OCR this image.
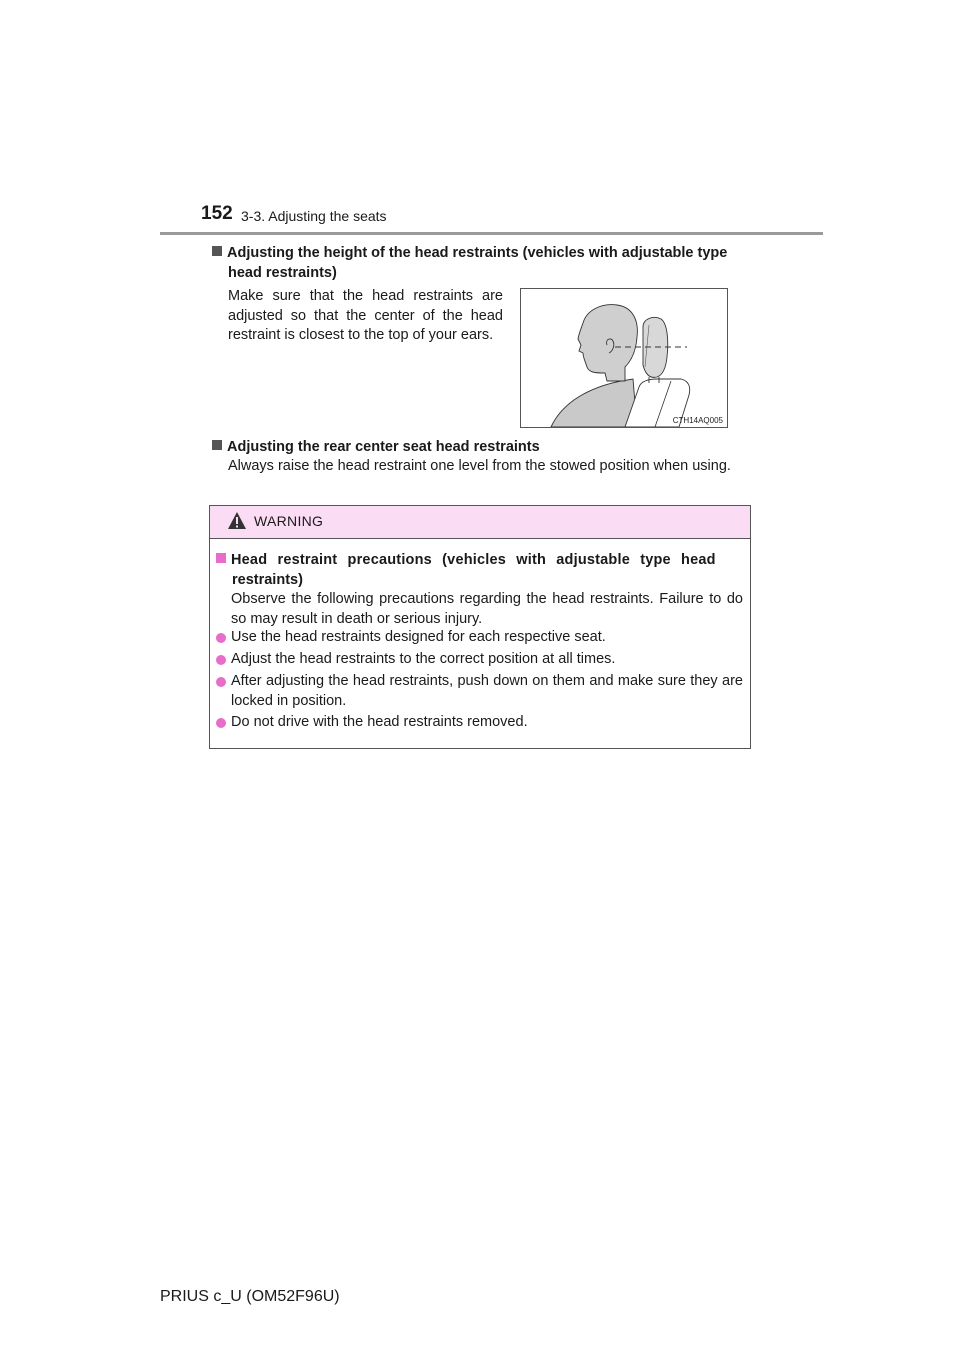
152 3-3. Adjusting the seats
Adjusting the height of the head restraints (vehicles with adjustable type
head restraints)
Make sure that the head restraints are adjusted so that the center of the head restraint is closest to the top of your ears.
CTH14AQ005
Adjusting the rear center seat head restraints
Always raise the head restraint one level from the stowed position when using.
WARNING
Head restraint precautions (vehicles with adjustable type head
restraints)
Observe the following precautions regarding the head restraints. Failure to do so may result in death or serious injury.
Use the head restraints designed for each respective seat.
Adjust the head restraints to the correct position at all times.
After adjusting the head restraints, push down on them and make sure they are locked in position.
Do not drive with the head restraints removed.
PRIUS c_U (OM52F96U)
